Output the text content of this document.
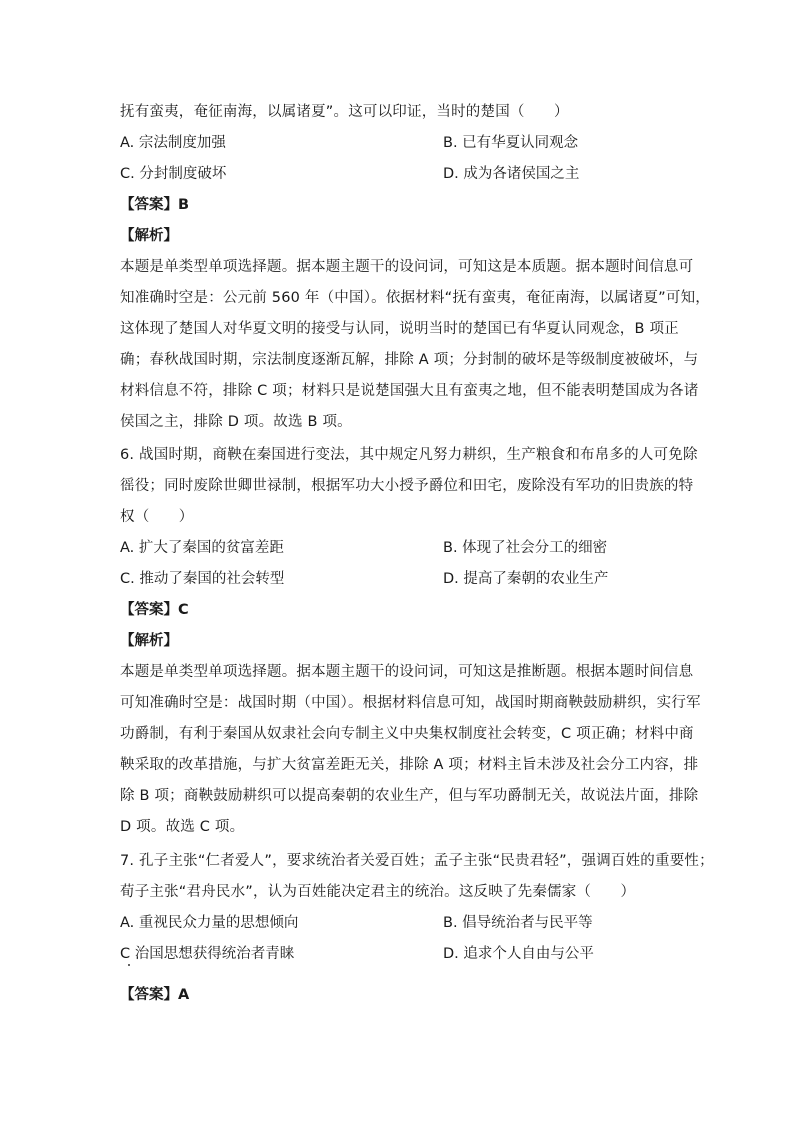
抚有蛮夷，奄征南海，以属诸夏”。这可以印证，当时的楚国（　　）
A. 宗法制度加强	B. 已有华夏认同观念
C. 分封制度破坏	D. 成为各诸侯国之主
【答案】B
【解析】
本题是单类型单项选择题。据本题主题干的设问词，可知这是本质题。据本题时间信息可
知准确时空是：公元前 560 年（中国）。依据材料“抚有蛮夷，奄征南海，以属诸夏”可知，
这体现了楚国人对华夏文明的接受与认同，说明当时的楚国已有华夏认同观念，B 项正
确；春秋战国时期，宗法制度逐渐瓦解，排除 A 项；分封制的破坏是等级制度被破坏，与
材料信息不符，排除 C 项；材料只是说楚国强大且有蛮夷之地，但不能表明楚国成为各诸
侯国之主，排除 D 项。故选 B 项。
6. 战国时期，商鞅在秦国进行变法，其中规定凡努力耕织，生产粮食和布帛多的人可免除
徭役；同时废除世卿世禄制，根据军功大小授予爵位和田宅，废除没有军功的旧贵族的特
权（　　）
A. 扩大了秦国的贫富差距	B. 体现了社会分工的细密
C. 推动了秦国的社会转型	D. 提高了秦朝的农业生产
【答案】C
【解析】
本题是单类型单项选择题。据本题主题干的设问词，可知这是推断题。根据本题时间信息
可知准确时空是：战国时期（中国）。根据材料信息可知，战国时期商鞅鼓励耕织，实行军
功爵制，有利于秦国从奴隶社会向专制主义中央集权制度社会转变，C 项正确；材料中商
鞅采取的改革措施，与扩大贫富差距无关，排除 A 项；材料主旨未涉及社会分工内容，排
除 B 项；商鞅鼓励耕织可以提高秦朝的农业生产，但与军功爵制无关，故说法片面，排除
D 项。故选 C 项。
7. 孔子主张“仁者爱人”，要求统治者关爱百姓；孟子主张“民贵君轻”，强调百姓的重要性；
荀子主张“君舟民水”，认为百姓能决定君主的统治。这反映了先秦儒家（　　）
A. 重视民众力量的思想倾向	B. 倡导统治者与民平等
C 治国思想获得统治者青睐	D. 追求个人自由与公平
【答案】A
